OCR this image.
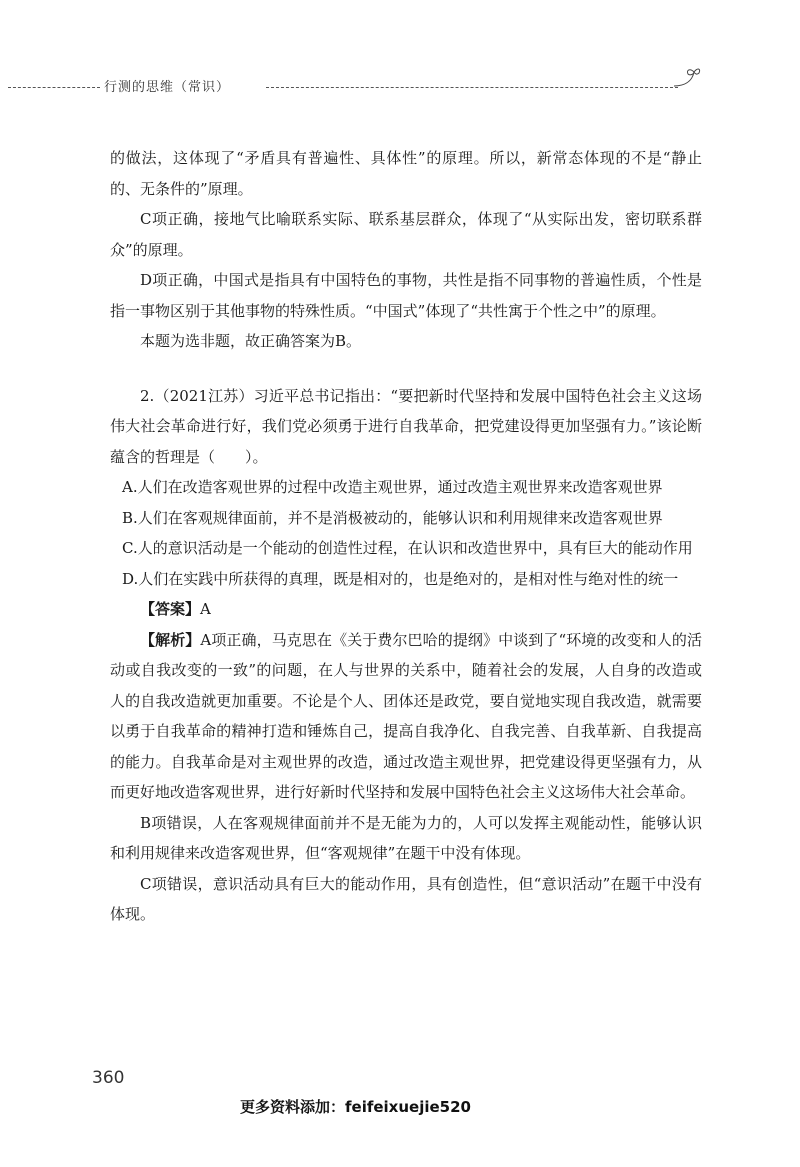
行测的思维（常识）

的做法，这体现了“矛盾具有普遍性、具体性”的原理。所以，新常态体现的不是“静止的、无条件的”原理。

C项正确，接地气比喻联系实际、联系基层群众，体现了“从实际出发，密切联系群众”的原理。

D项正确，中国式是指具有中国特色的事物，共性是指不同事物的普遍性质，个性是指一事物区别于其他事物的特殊性质。“中国式”体现了“共性寓于个性之中”的原理。

本题为选非题，故正确答案为B。

2.（2021江苏）习近平总书记指出：“要把新时代坚持和发展中国特色社会主义这场伟大社会革命进行好，我们党必须勇于进行自我革命，把党建设得更加坚强有力。”该论断蕴含的哲理是（　　）。

A.人们在改造客观世界的过程中改造主观世界，通过改造主观世界来改造客观世界

B.人们在客观规律面前，并不是消极被动的，能够认识和利用规律来改造客观世界

C.人的意识活动是一个能动的创造性过程，在认识和改造世界中，具有巨大的能动作用

D.人们在实践中所获得的真理，既是相对的，也是绝对的，是相对性与绝对性的统一

【答案】A

【解析】A项正确，马克思在《关于费尔巴哈的提纲》中谈到了“环境的改变和人的活动或自我改变的一致”的问题，在人与世界的关系中，随着社会的发展，人自身的改造或人的自我改造就更加重要。不论是个人、团体还是政党，要自觉地实现自我改造，就需要以勇于自我革命的精神打造和锤炼自己，提高自我净化、自我完善、自我革新、自我提高的能力。自我革命是对主观世界的改造，通过改造主观世界，把党建设得更坚强有力，从而更好地改造客观世界，进行好新时代坚持和发展中国特色社会主义这场伟大社会革命。

B项错误，人在客观规律面前并不是无能为力的，人可以发挥主观能动性，能够认识和利用规律来改造客观世界，但“客观规律”在题干中没有体现。

C项错误，意识活动具有巨大的能动作用，具有创造性，但“意识活动”在题干中没有体现。

360
更多资料添加：feifeixuejie520
